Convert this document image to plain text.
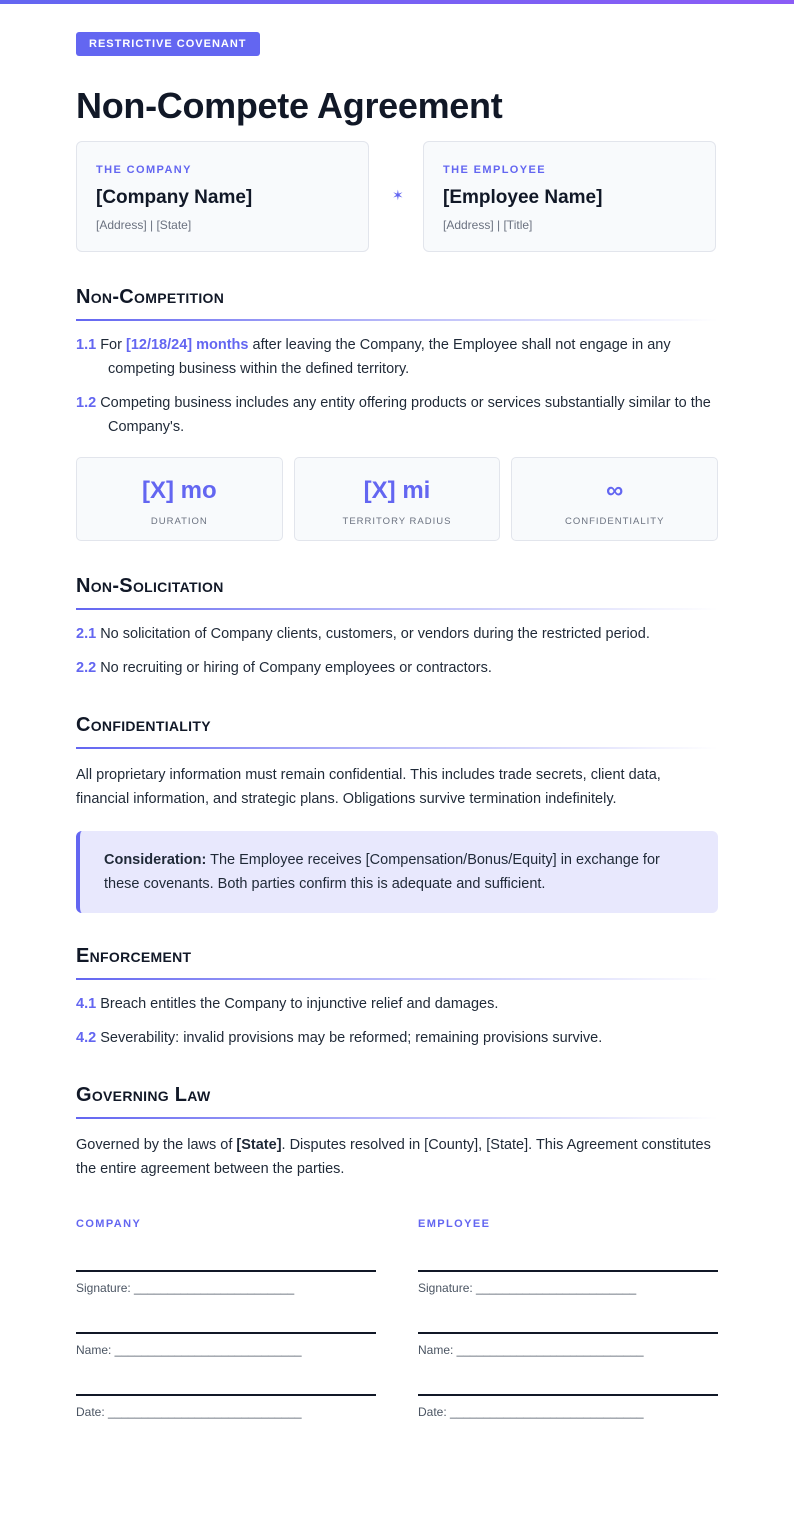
RESTRICTIVE COVENANT
Non-Compete Agreement
THE COMPANY
[Company Name]
[Address] | [State]
✶
THE EMPLOYEE
[Employee Name]
[Address] | [Title]
Non-Competition
1.1 For [12/18/24] months after leaving the Company, the Employee shall not engage in any competing business within the defined territory.
1.2 Competing business includes any entity offering products or services substantially similar to the Company's.
[X] mo
DURATION
[X] mi
TERRITORY RADIUS
∞
CONFIDENTIALITY
Non-Solicitation
2.1 No solicitation of Company clients, customers, or vendors during the restricted period.
2.2 No recruiting or hiring of Company employees or contractors.
Confidentiality
All proprietary information must remain confidential. This includes trade secrets, client data, financial information, and strategic plans. Obligations survive termination indefinitely.
Consideration: The Employee receives [Compensation/Bonus/Equity] in exchange for these covenants. Both parties confirm this is adequate and sufficient.
Enforcement
4.1 Breach entitles the Company to injunctive relief and damages.
4.2 Severability: invalid provisions may be reformed; remaining provisions survive.
Governing Law
Governed by the laws of [State]. Disputes resolved in [County], [State]. This Agreement constitutes the entire agreement between the parties.
COMPANY
Signature: ________________________
Name: ____________________________
Date: _____________________________
EMPLOYEE
Signature: ________________________
Name: ____________________________
Date: _____________________________
